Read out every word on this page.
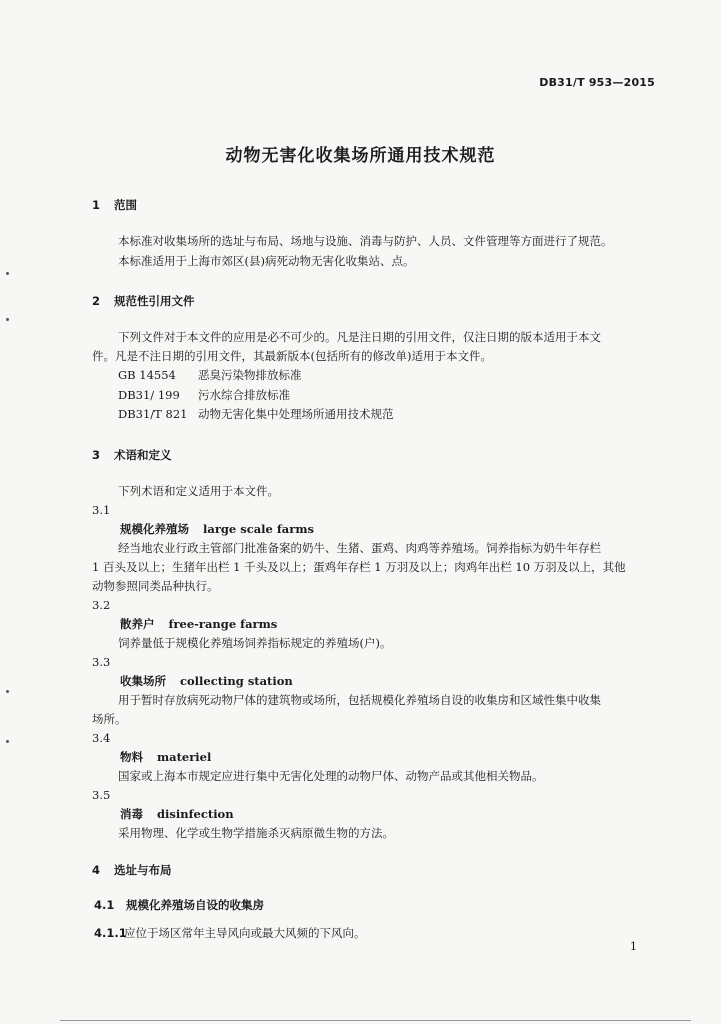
DB31/T 953—2015
动物无害化收集场所通用技术规范
1 范围
本标准对收集场所的选址与布局、场地与设施、消毒与防护、人员、文件管理等方面进行了规范。
本标准适用于上海市郊区(县)病死动物无害化收集站、点。
2 规范性引用文件
下列文件对于本文件的应用是必不可少的。凡是注日期的引用文件，仅注日期的版本适用于本文
件。凡是不注日期的引用文件，其最新版本(包括所有的修改单)适用于本文件。
GB 14554 恶臭污染物排放标准
DB31/ 199 污水综合排放标准
DB31/T 821 动物无害化集中处理场所通用技术规范
3 术语和定义
下列术语和定义适用于本文件。
3.1
规模化养殖场 large scale farms
经当地农业行政主管部门批准备案的奶牛、生猪、蛋鸡、肉鸡等养殖场。饲养指标为奶牛年存栏
1 百头及以上；生猪年出栏 1 千头及以上；蛋鸡年存栏 1 万羽及以上；肉鸡年出栏 10 万羽及以上，其他
动物参照同类品种执行。
3.2
散养户 free-range farms
饲养量低于规模化养殖场饲养指标规定的养殖场(户)。
3.3
收集场所 collecting station
用于暂时存放病死动物尸体的建筑物或场所，包括规模化养殖场自设的收集房和区域性集中收集
场所。
3.4
物料 materiel
国家或上海本市规定应进行集中无害化处理的动物尸体、动物产品或其他相关物品。
3.5
消毒 disinfection
采用物理、化学或生物学措施杀灭病原微生物的方法。
4 选址与布局
4.1 规模化养殖场自设的收集房
4.1.1应位于场区常年主导风向或最大风频的下风向。
1
